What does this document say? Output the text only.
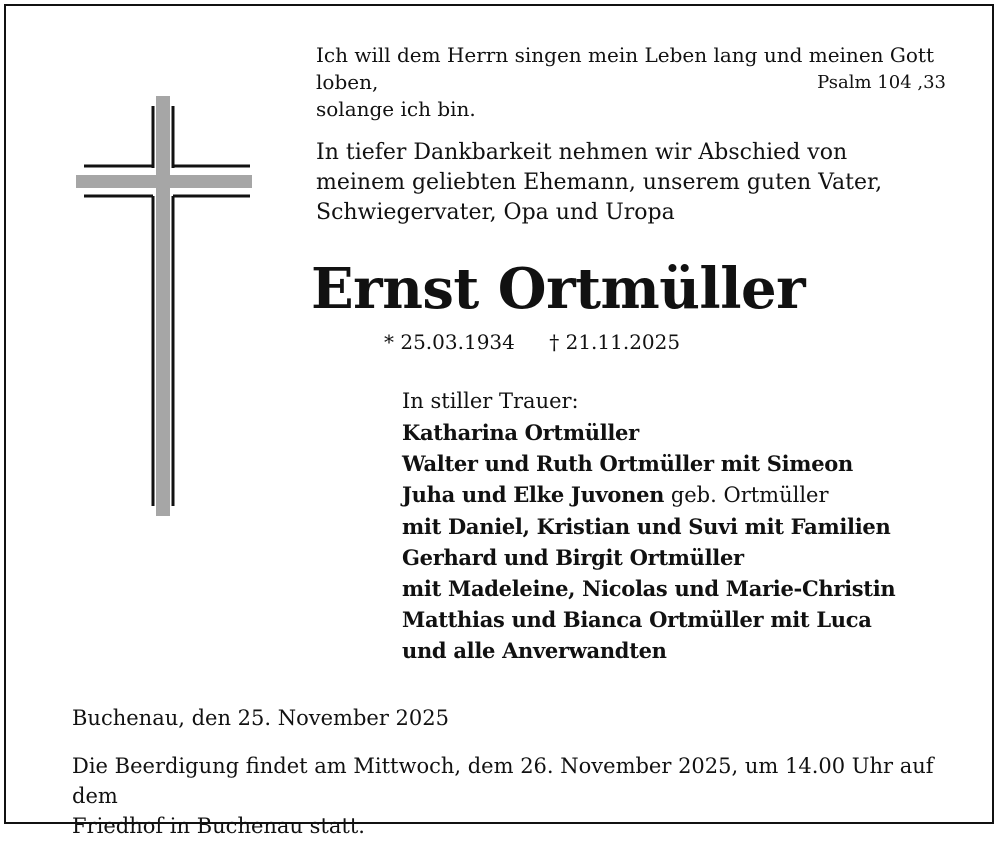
Ich will dem Herrn singen mein Leben lang und meinen Gott loben,
solange ich bin.
Psalm 104 ,33
In tiefer Dankbarkeit nehmen wir Abschied von
meinem geliebten Ehemann, unserem guten Vater,
Schwiegervater, Opa und Uropa
Ernst Ortmüller
* 25.03.1934 † 21.11.2025
In stiller Trauer:
Katharina Ortmüller
Walter und Ruth Ortmüller mit Simeon
Juha und Elke Juvonen geb. Ortmüller
mit Daniel, Kristian und Suvi mit Familien
Gerhard und Birgit Ortmüller
mit Madeleine, Nicolas und Marie-Christin
Matthias und Bianca Ortmüller mit Luca
und alle Anverwandten
Buchenau, den 25. November 2025
Die Beerdigung findet am Mittwoch, dem 26. November 2025, um 14.00 Uhr auf dem
Friedhof in Buchenau statt.
